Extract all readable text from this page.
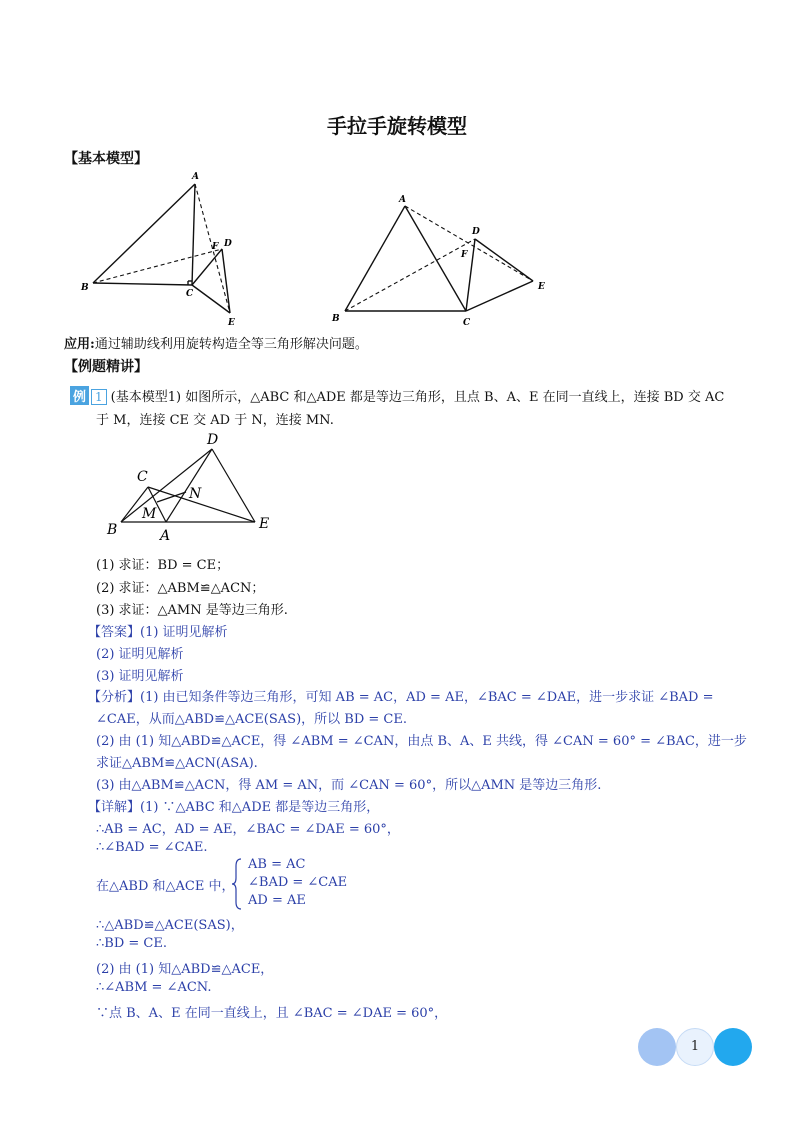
手拉手旋转模型
【基本模型】
A
B
C
D
E
F
A
B	C
D
E
F
应用:通过辅助线利用旋转构造全等三角形解决问题。
【例题精讲】
例 1 (基本模型1) 如图所示，△ABC 和△ADE 都是等边三角形，且点 B、A、E 在同一直线上，连接 BD 交 AC
于 M，连接 CE 交 AD 于 N，连接 MN.
D
C
N
M
B	A
E
(1) 求证：BD = CE；
(2) 求证：△ABM≌△ACN；
(3) 求证：△AMN 是等边三角形.
【答案】(1) 证明见解析
(2) 证明见解析
(3) 证明见解析
【分析】(1) 由已知条件等边三角形，可知 AB = AC，AD = AE，∠BAC = ∠DAE，进一步求证 ∠BAD =
∠CAE，从而△ABD≌△ACE(SAS)，所以 BD = CE.
(2) 由 (1) 知△ABD≌△ACE，得 ∠ABM = ∠CAN，由点 B、A、E 共线，得 ∠CAN = 60° = ∠BAC，进一步
求证△ABM≌△ACN(ASA).
(3) 由△ABM≌△ACN，得 AM = AN，而 ∠CAN = 60°，所以△AMN 是等边三角形.
【详解】(1) ∵△ABC 和△ADE 都是等边三角形，
∴AB = AC，AD = AE，∠BAC = ∠DAE = 60°，
∴∠BAD = ∠CAE.
在△ABD 和△ACE 中，
AB = AC
∠BAD = ∠CAE
AD = AE
∴△ABD≌△ACE(SAS)，
∴BD = CE.
(2) 由 (1) 知△ABD≌△ACE，
∴∠ABM = ∠ACN.
∵点 B、A、E 在同一直线上，且 ∠BAC = ∠DAE = 60°，
1
